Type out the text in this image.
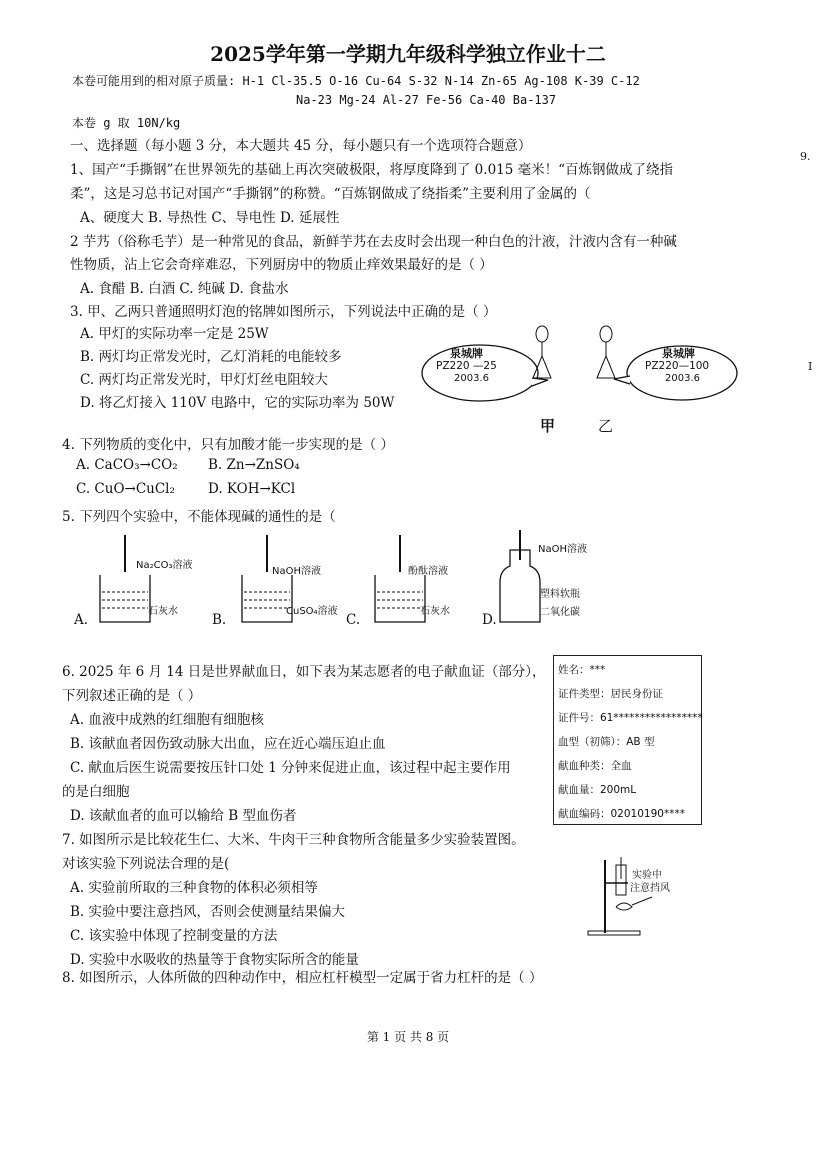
2025学年第一学期九年级科学独立作业十二
本卷可能用到的相对原子质量: H-1 Cl-35.5 O-16 Cu-64 S-32 N-14 Zn-65 Ag-108 K-39 C-12
Na-23 Mg-24 Al-27 Fe-56 Ca-40 Ba-137
本卷 g 取 10N/kg
一、选择题（每小题 3 分，本大题共 45 分，每小题只有一个选项符合题意）
9.
I
1、国产“手撕钢”在世界领先的基础上再次突破极限，将厚度降到了 0.015 毫米！“百炼钢做成了绕指
柔”，这是习总书记对国产“手撕钢”的称赞。“百炼钢做成了绕指柔”主要利用了金属的（
A、硬度大 B. 导热性 C、导电性 D. 延展性
2 芋艿（俗称毛芋）是一种常见的食品，新鲜芋艿在去皮时会出现一种白色的汁液，汁液内含有一种碱
性物质，沾上它会奇痒难忍，下列厨房中的物质止痒效果最好的是（ ）
A. 食醋 B. 白酒 C. 纯碱 D. 食盐水
3. 甲、乙两只普通照明灯泡的铭牌如图所示，下列说法中正确的是（ ）
A. 甲灯的实际功率一定是 25W
B. 两灯均正常发光时，乙灯消耗的电能较多
C. 两灯均正常发光时，甲灯灯丝电阻较大
D. 将乙灯接入 110V 电路中，它的实际功率为 50W
泉城牌
PZ220 —25
2003.6
泉城牌
PZ220—100
2003.6
甲	乙
4. 下列物质的变化中，只有加酸才能一步实现的是（ ）
A. CaCO₃→CO₂ B. Zn→ZnSO₄
C. CuO→CuCl₂ D. KOH→KCl
5. 下列四个实验中，不能体现碱的通性的是（
Na₂CO₃溶液
石灰水
NaOH溶液
CuSO₄溶液
酚酞溶液
石灰水
NaOH溶液
塑料软瓶
二氧化碳
A.	B.	C.	D.
6. 2025 年 6 月 14 日是世界献血日，如下表为某志愿者的电子献血证（部分），
下列叙述正确的是（ ）
A. 血液中成熟的红细胞有细胞核
B. 该献血者因伤致动脉大出血，应在近心端压迫止血
C. 献血后医生说需要按压针口处 1 分钟来促进止血，该过程中起主要作用
的是白细胞
D. 该献血者的血可以输给 B 型血伤者
姓名：***
证件类型：居民身份证
证件号：61*****************
血型（初筛）：AB 型
献血种类：全血
献血量：200mL
献血编码：02010190****
7. 如图所示是比较花生仁、大米、牛肉干三种食物所含能量多少实验装置图。
对该实验下列说法合理的是(
A. 实验前所取的三种食物的体积必须相等
B. 实验中要注意挡风，否则会使测量结果偏大
C. 该实验中体现了控制变量的方法
D. 实验中水吸收的热量等于食物实际所含的能量
实验中
注意挡风
8. 如图所示，人体所做的四种动作中，相应杠杆模型一定属于省力杠杆的是（ ）
第 1 页 共 8 页
